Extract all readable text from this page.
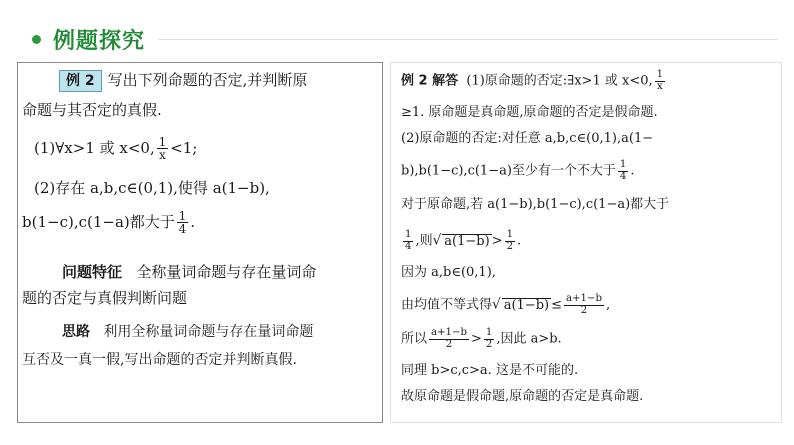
例题探究
例 2 写出下列命题的否定,并判断原
命题与其否定的真假.
(1)∀x>1 或 x<0, $\frac{1}{x} <1$;
(2)存在 a,b,c∈(0,1),使得 a(1−b),
b(1−c),c(1−a)都大于 $\frac{1}{4}$ .
问题特征 全称量词命题与存在量词命
题的否定与真假判断问题
思路 利用全称量词命题与存在量词命题
互否及一真一假,写出命题的否定并判断真假.
例 2 解答 (1)原命题的否定:∃x>1 或 x<0, $\frac{1}{x}$
≥1. 原命题是真命题,原命题的否定是假命题.
(2)原命题的否定:对任意 a,b,c∈(0,1),a(1−
b),b(1−c),c(1−a)至少有一个不大于 $\frac{1}{4}$ .
对于原命题,若 a(1−b),b(1−c),c(1−a)都大于
$\frac{1}{4}$ ,则√ $a(1-b) > \frac{1}{2}$ .
因为 a,b∈(0,1),
由均值不等式得√ $a(1-b) \le \frac{a+1-b}{2}$ ,
所以 $\frac{a+1-b}{2} > \frac{1}{2}$ ,因此 a>b.
同理 b>c,c>a. 这是不可能的.
故原命题是假命题,原命题的否定是真命题.
